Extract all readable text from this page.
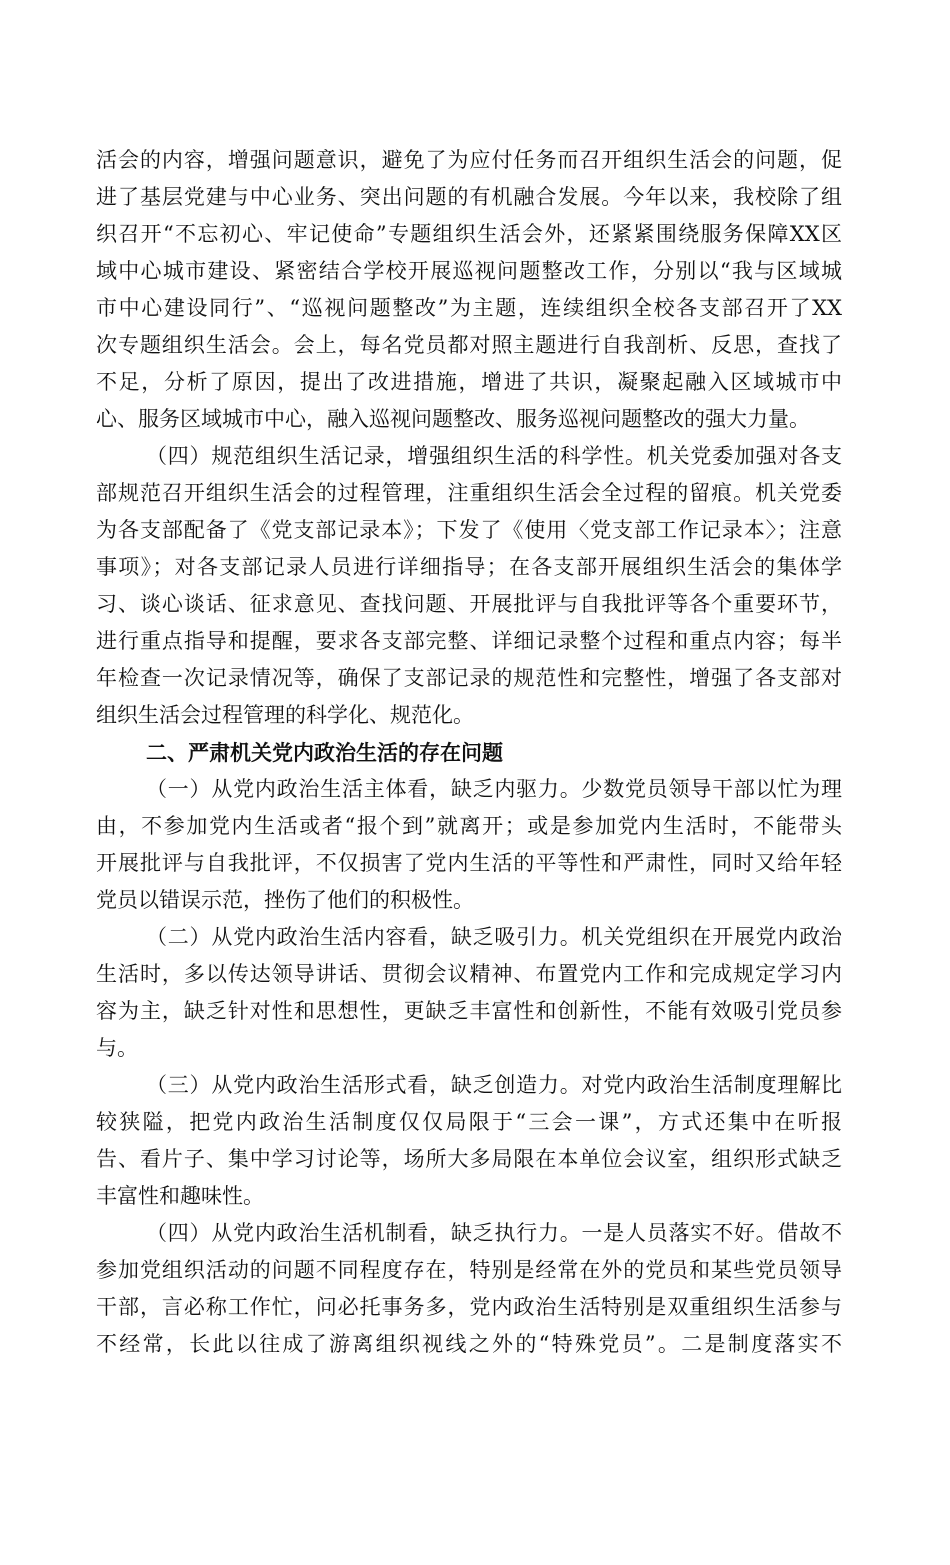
活会的内容，增强问题意识，避免了为应付任务而召开组织生活会的问题，促
进了基层党建与中心业务、突出问题的有机融合发展。今年以来，我校除了组
织召开“不忘初心、牢记使命”专题组织生活会外，还紧紧围绕服务保障XX区
域中心城市建设、紧密结合学校开展巡视问题整改工作，分别以“我与区域城
市中心建设同行”、“巡视问题整改”为主题，连续组织全校各支部召开了XX
次专题组织生活会。会上，每名党员都对照主题进行自我剖析、反思，查找了
不足，分析了原因，提出了改进措施，增进了共识，凝聚起融入区域城市中
心、服务区域城市中心，融入巡视问题整改、服务巡视问题整改的强大力量。
（四）规范组织生活记录，增强组织生活的科学性。机关党委加强对各支
部规范召开组织生活会的过程管理，注重组织生活会全过程的留痕。机关党委
为各支部配备了《党支部记录本》；下发了《使用〈党支部工作记录本〉；注意
事项》；对各支部记录人员进行详细指导；在各支部开展组织生活会的集体学
习、谈心谈话、征求意见、查找问题、开展批评与自我批评等各个重要环节，
进行重点指导和提醒，要求各支部完整、详细记录整个过程和重点内容；每半
年检查一次记录情况等，确保了支部记录的规范性和完整性，增强了各支部对
组织生活会过程管理的科学化、规范化。
二、严肃机关党内政治生活的存在问题
（一）从党内政治生活主体看，缺乏内驱力。少数党员领导干部以忙为理
由，不参加党内生活或者“报个到”就离开；或是参加党内生活时，不能带头
开展批评与自我批评，不仅损害了党内生活的平等性和严肃性，同时又给年轻
党员以错误示范，挫伤了他们的积极性。
（二）从党内政治生活内容看，缺乏吸引力。机关党组织在开展党内政治
生活时，多以传达领导讲话、贯彻会议精神、布置党内工作和完成规定学习内
容为主，缺乏针对性和思想性，更缺乏丰富性和创新性，不能有效吸引党员参
与。
（三）从党内政治生活形式看，缺乏创造力。对党内政治生活制度理解比
较狭隘，把党内政治生活制度仅仅局限于“三会一课”，方式还集中在听报
告、看片子、集中学习讨论等，场所大多局限在本单位会议室，组织形式缺乏
丰富性和趣味性。
（四）从党内政治生活机制看，缺乏执行力。一是人员落实不好。借故不
参加党组织活动的问题不同程度存在，特别是经常在外的党员和某些党员领导
干部，言必称工作忙，问必托事务多，党内政治生活特别是双重组织生活参与
不经常，长此以往成了游离组织视线之外的“特殊党员”。二是制度落实不
